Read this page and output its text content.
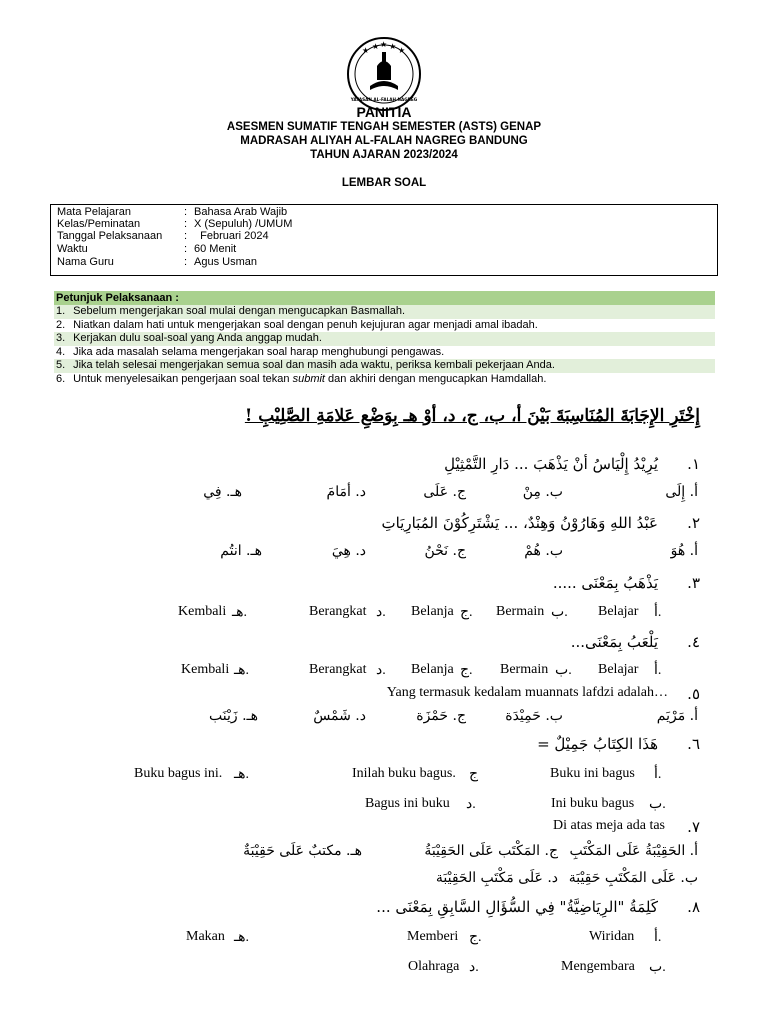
★ ★ ★ ★ ★
YAYASAN AL-FALAH NAGREG
PANITIA
ASESMEN SUMATIF TENGAH SEMESTER (ASTS) GENAP
MADRASAH ALIYAH AL-FALAH NAGREG BANDUNG
TAHUN AJARAN 2023/2024
LEMBAR SOAL
Mata Pelajaran	: Bahasa Arab Wajib
Kelas/Peminatan	: X (Sepuluh) /UMUM
Tanggal Pelaksanaan	: Februari 2024
Waktu	: 60 Menit
Nama Guru	: Agus Usman
Petunjuk Pelaksanaan :
1. Sebelum mengerjakan soal mulai dengan mengucapkan Basmallah.
2. Niatkan dalam hati untuk mengerjakan soal dengan penuh kejujuran agar menjadi amal ibadah.
3. Kerjakan dulu soal-soal yang Anda anggap mudah.
4. Jika ada masalah selama mengerjakan soal harap menghubungi pengawas.
5. Jika telah selesai mengerjakan semua soal dan masih ada waktu, periksa kembali pekerjaan Anda.
6. Untuk menyelesaikan pengerjaan soal tekan submit dan akhiri dengan mengucapkan Hamdallah.
إِخْتَرِ الإِجَابَةَ المُنَاسِبَةَ بَيْنَ أ، ب، ج، د، أوْ هـ بِوَضْعِ عَلامَةِ الصَّلِيْبِ !
١.
يُرِيْدُ إِلْيَاسُ أنْ يَذْهَبَ ... دَارِ التَّمْثِيْلِ
أ. إِلَى
ب. مِنْ
ج. عَلَى
د. أمَامَ
هـ. فِي
٢.
عَبْدُ اللهِ وَهَارُوْنُ وَهِنْدٌ، ... يَشْتَرِكُوْنَ المُبَارِيَاتِ
أ. هُوَ
ب. هُمْ
ج. نَحْنُ
د. هِيَ
هـ. انتُم
٣.
يَذْهَبُ بِمَعْنَى .....
أ.
Belajar
Bermain ب.
Belanja ج.
Berangkat د.
Kembali هـ.
٤.
يَلْعَبُ بِمَعْنَى...
أ.
Belajar
Bermain ب.
Belanja ج.
Berangkat د.
Kembali هـ.
٥.
Yang termasuk kedalam muannats lafdzi adalah…
أ. مَرْيَم
ب. حَمِيْدَة
ج. حَمْزَة
د. شَمْسٌ
هـ. زَيْنَب
٦.
هَذَا الكِتَابُ جَمِيْلٌ =
أ.
Buku ini bagus
Inilah buku bagus. ج
Buku bagus ini. هـ.
Ini buku bagus ب.
Bagus ini buku د.
٧.
Di atas meja ada tas
أ. الحَقِيْبَةُ عَلَى المَكْتَبِ
ج. المَكْتَب عَلَى الحَقِيْبَةُ
هـ. مكتبٌ عَلَى حَقِيْبَةٌ
ب. عَلَى المَكْتَبِ حَقِيْبَة
د. عَلَى مَكْتَبِ الحَقِيْبَة
٨.
كَلِمَةُ "الرِيَاضِيَّةُ" فِي السُّؤَالِ السَّابِقِ بِمَعْنَى ...
أ.
Wiridan
Memberi ج.
Makan هـ.
Mengembara ب.
Olahraga د.
